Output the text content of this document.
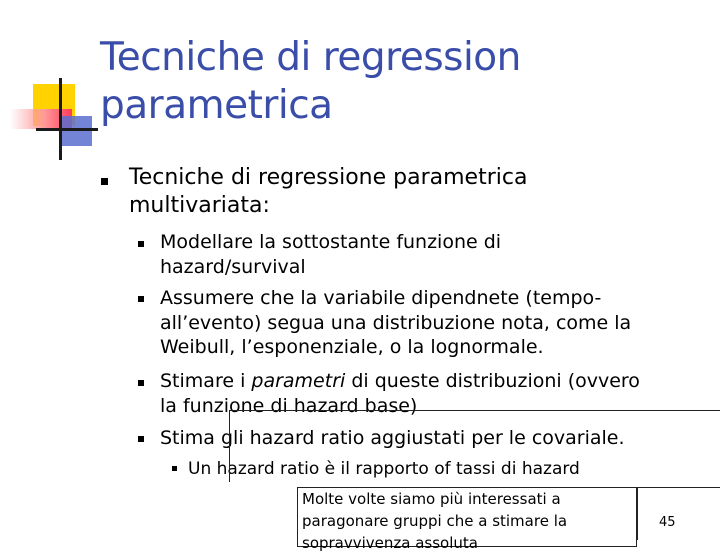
Tecniche di regression
parametrica
Tecniche di regressione parametrica
multivariata:
Modellare la sottostante funzione di
hazard/survival
Assumere che la variabile dipendnete (tempo-
all’evento) segua una distribuzione nota, come la
Weibull, l’esponenziale, o la lognormale.
Stimare i parametri di queste distribuzioni (ovvero
la funzione di hazard base)
Stima gli hazard ratio aggiustati per le covariale.
Un hazard ratio è il rapporto of tassi di hazard
Molte volte siamo più interessati a
paragonare gruppi che a stimare la
sopravvivenza assoluta
45
